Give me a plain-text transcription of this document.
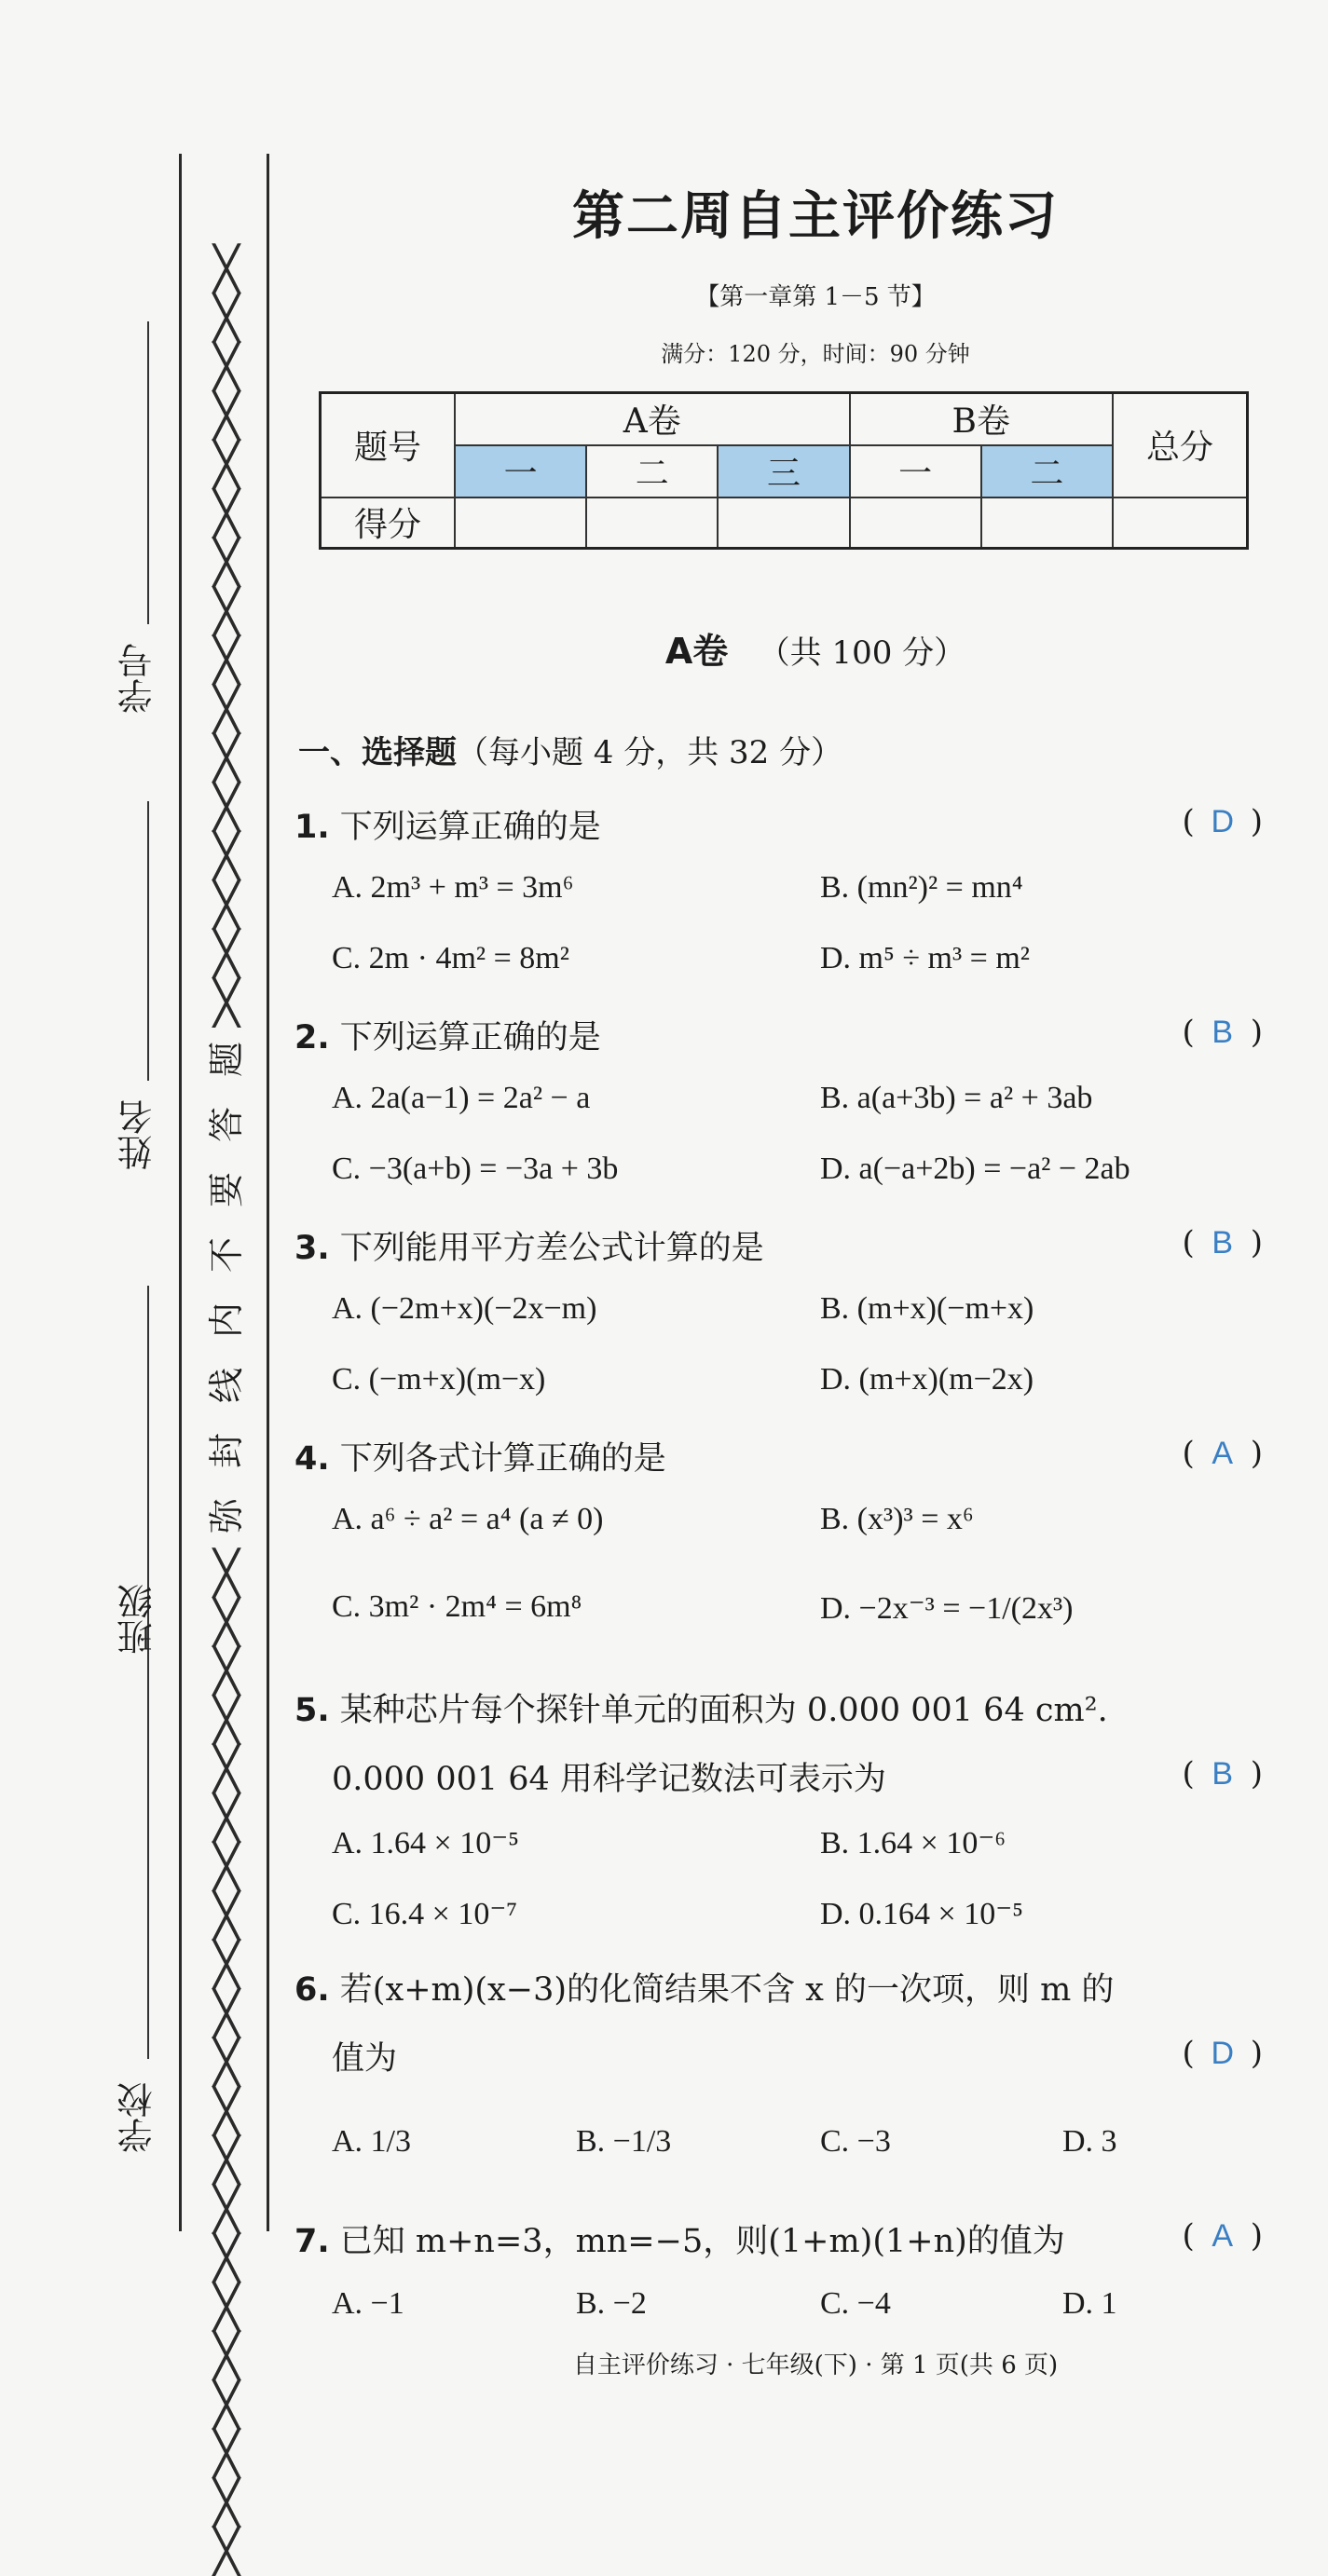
学校
班级
姓名
学号
╳
╳
╳
╳
╳
╳
╳
╳
╳
╳
╳
╳
╳
╳
╳
╳
题
答
要
不
内
线
封
弥
╳
╳
╳
╳
╳
╳
╳
╳
╳
╳
╳
╳
╳
╳
╳
╳
╳
╳
╳
╳
╳
第二周自主评价练习
【第一章第 1－5 节】
满分：120 分，时间：90 分钟
题号	A卷			B卷		总分
	一	二	三	一	二	
得分						
A卷 （共 100 分）
一、选择题（每小题 4 分，共 32 分）
1. 下列运算正确的是	( D )
A. 2m³ + m³ = 3m⁶	B. (mn²)² = mn⁴
C. 2m · 4m² = 8m²	D. m⁵ ÷ m³ = m²
2. 下列运算正确的是	( B )
A. 2a(a−1) = 2a² − a	B. a(a+3b) = a² + 3ab
C. −3(a+b) = −3a + 3b	D. a(−a+2b) = −a² − 2ab
3. 下列能用平方差公式计算的是	( B )
A. (−2m+x)(−2x−m)	B. (m+x)(−m+x)
C. (−m+x)(m−x)	D. (m+x)(m−2x)
4. 下列各式计算正确的是	( A )
A. a⁶ ÷ a² = a⁴ (a ≠ 0)	B. (x³)³ = x⁶
C. 3m² · 2m⁴ = 6m⁸	D. −2x⁻³ = −1/(2x³)
5. 某种芯片每个探针单元的面积为 0.000 001 64 cm².
0.000 001 64 用科学记数法可表示为	( B )
A. 1.64 × 10⁻⁵	B. 1.64 × 10⁻⁶
C. 16.4 × 10⁻⁷	D. 0.164 × 10⁻⁵
6. 若(x+m)(x−3)的化简结果不含 x 的一次项，则 m 的
值为	( D )
A. 1/3	B. −1/3	C. −3	D. 3
7. 已知 m+n=3，mn=−5，则(1+m)(1+n)的值为	( A )
A. −1	B. −2	C. −4	D. 1
自主评价练习 · 七年级(下) · 第 1 页(共 6 页)
